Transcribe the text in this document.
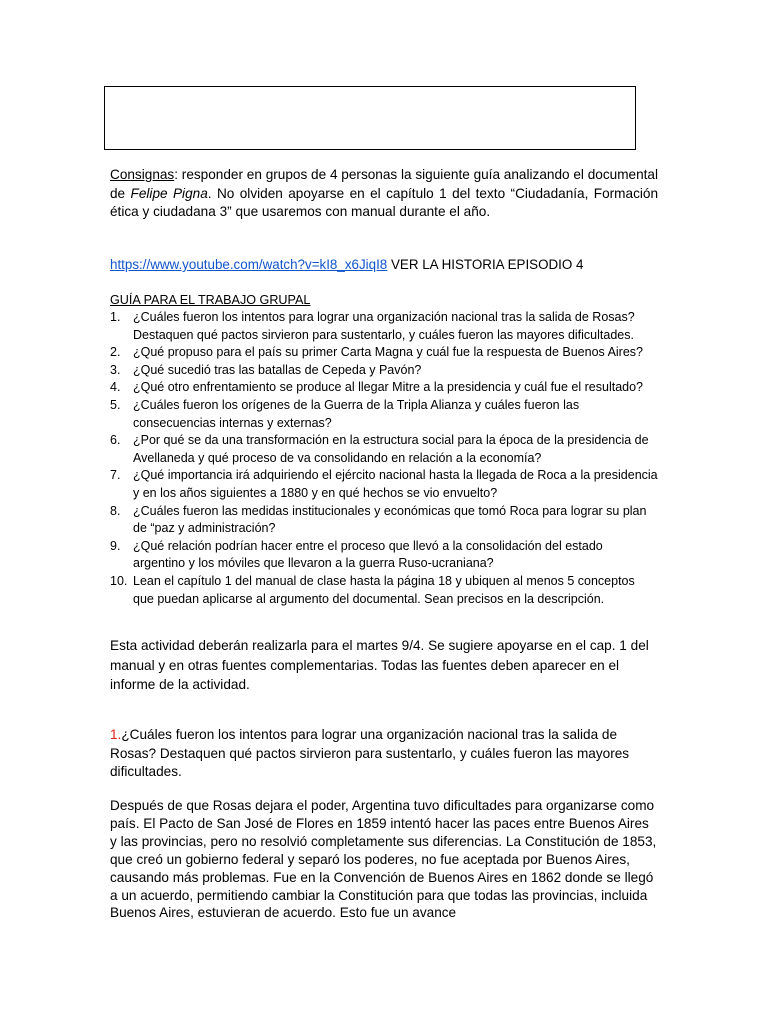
Consignas: responder en grupos de 4 personas la siguiente guía analizando el documental de Felipe Pigna. No olviden apoyarse en el capítulo 1 del texto “Ciudadanía, Formación ética y ciudadana 3” que usaremos con manual durante el año.

https://www.youtube.com/watch?v=kI8_x6JiqI8 VER LA HISTORIA EPISODIO 4

GUÍA PARA EL TRABAJO GRUPAL

1. ¿Cuáles fueron los intentos para lograr una organización nacional tras la salida de Rosas? Destaquen qué pactos sirvieron para sustentarlo, y cuáles fueron las mayores dificultades.
2. ¿Qué propuso para el país su primer Carta Magna y cuál fue la respuesta de Buenos Aires?
3. ¿Qué sucedió tras las batallas de Cepeda y Pavón?
4. ¿Qué otro enfrentamiento se produce al llegar Mitre a la presidencia y cuál fue el resultado?
5. ¿Cuáles fueron los orígenes de la Guerra de la Tripla Alianza y cuáles fueron las consecuencias internas y externas?
6. ¿Por qué se da una transformación en la estructura social para la época de la presidencia de Avellaneda y qué proceso de va consolidando en relación a la economía?
7. ¿Qué importancia irá adquiriendo el ejército nacional hasta la llegada de Roca a la presidencia y en los años siguientes a 1880 y en qué hechos se vio envuelto?
8. ¿Cuáles fueron las medidas institucionales y económicas que tomó Roca para lograr su plan de “paz y administración?
9. ¿Qué relación podrían hacer entre el proceso que llevó a la consolidación del estado argentino y los móviles que llevaron a la guerra Ruso-ucraniana?
10. Lean el capítulo 1 del manual de clase hasta la página 18 y ubiquen al menos 5 conceptos que puedan aplicarse al argumento del documental. Sean precisos en la descripción.

Esta actividad deberán realizarla para el martes 9/4. Se sugiere apoyarse en el cap. 1 del manual y en otras fuentes complementarias. Todas las fuentes deben aparecer en el informe de la actividad.

1.¿Cuáles fueron los intentos para lograr una organización nacional tras la salida de Rosas? Destaquen qué pactos sirvieron para sustentarlo, y cuáles fueron las mayores dificultades.

Después de que Rosas dejara el poder, Argentina tuvo dificultades para organizarse como país. El Pacto de San José de Flores en 1859 intentó hacer las paces entre Buenos Aires y las provincias, pero no resolvió completamente sus diferencias. La Constitución de 1853, que creó un gobierno federal y separó los poderes, no fue aceptada por Buenos Aires, causando más problemas. Fue en la Convención de Buenos Aires en 1862 donde se llegó a un acuerdo, permitiendo cambiar la Constitución para que todas las provincias, incluida Buenos Aires, estuvieran de acuerdo. Esto fue un avance
